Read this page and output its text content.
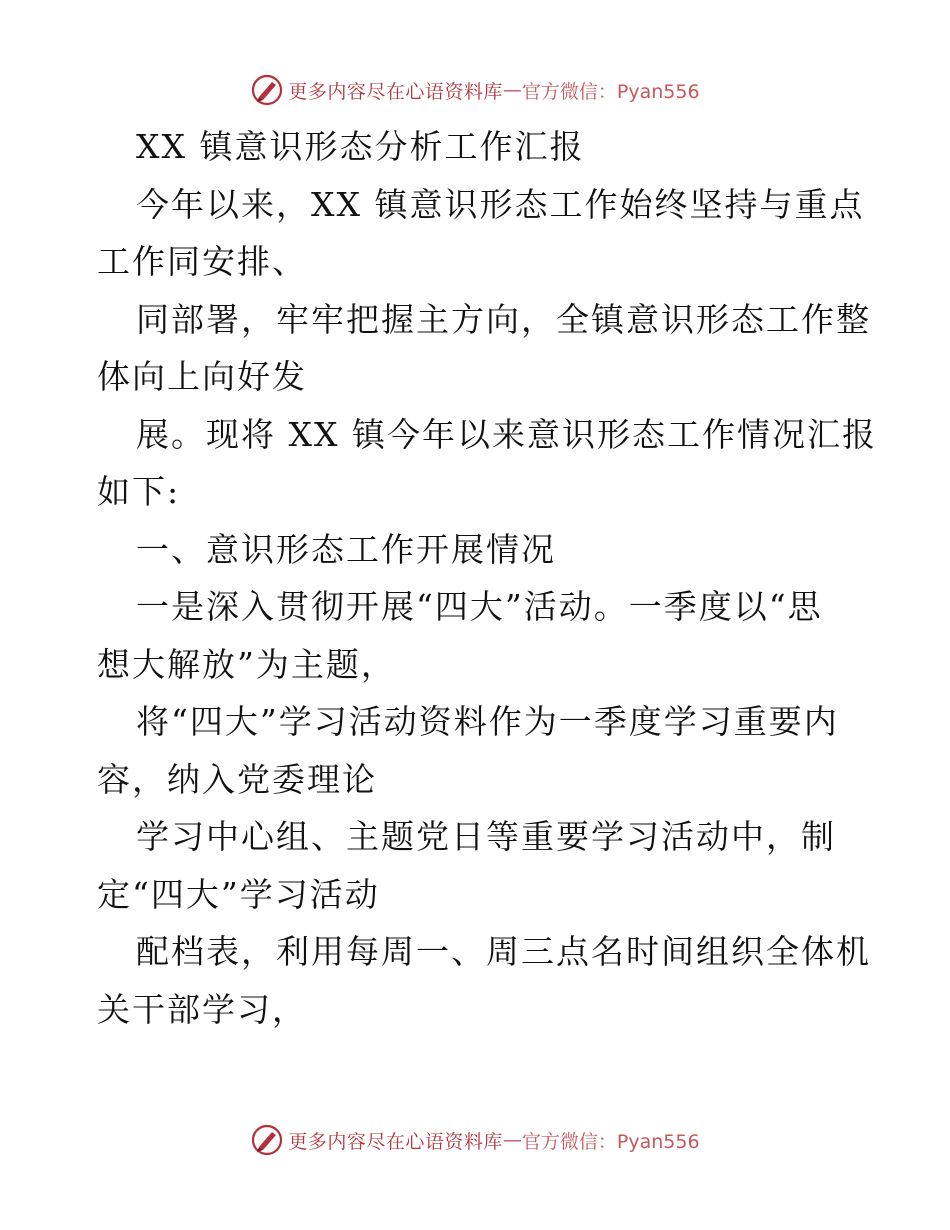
更多内容尽在心语资料库 — 官方微信：Pyan556
XX 镇意识形态分析工作汇报
今年以来，XX 镇意识形态工作始终坚持与重点
工作同安排、
同部署，牢牢把握主方向，全镇意识形态工作整
体向上向好发
展。现将 XX 镇今年以来意识形态工作情况汇报
如下:
一、意识形态工作开展情况
一是深入贯彻开展“四大”活动。一季度以“思
想大解放”为主题，
将“四大”学习活动资料作为一季度学习重要内
容，纳入党委理论
学习中心组、主题党日等重要学习活动中，制
定“四大”学习活动
配档表，利用每周一、周三点名时间组织全体机
关干部学习，
更多内容尽在心语资料库 — 官方微信：Pyan556
